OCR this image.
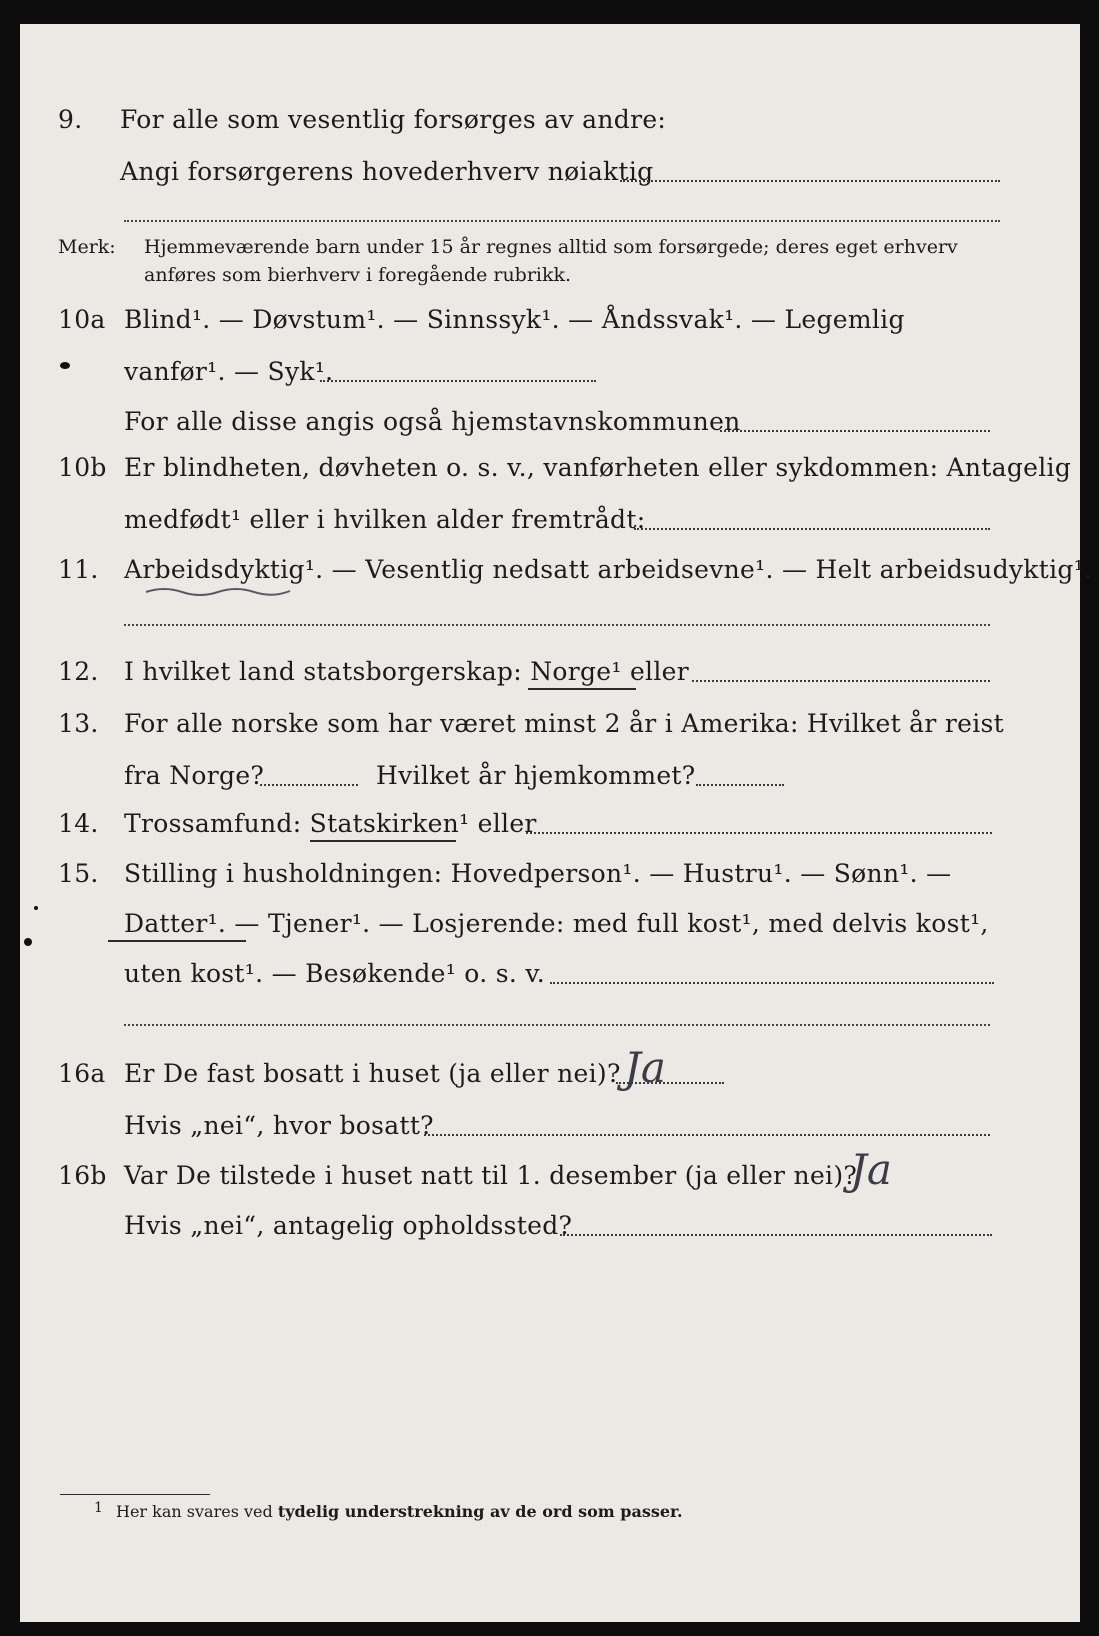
9. For alle som vesentlig forsørges av andre:
Angi forsørgerens hovederhverv nøiaktig
Merk: Hjemmeværende barn under 15 år regnes alltid som forsørgede; deres eget erhverv
anføres som bierhverv i foregående rubrikk.
10a Blind¹. — Døvstum¹. — Sinnssyk¹. — Åndssvak¹. — Legemlig
vanfør¹. — Syk¹.
For alle disse angis også hjemstavnskommunen
10b Er blindheten, døvheten o. s. v., vanførheten eller sykdommen: Antagelig
medfødt¹ eller i hvilken alder fremtrådt:
11. Arbeidsdyktig¹. — Vesentlig nedsatt arbeidsevne¹. — Helt arbeidsudyktig¹.
12. I hvilket land statsborgerskap: Norge¹ eller
13. For alle norske som har været minst 2 år i Amerika: Hvilket år reist
fra Norge?	Hvilket år hjemkommet?
14. Trossamfund: Statskirken¹ eller
15. Stilling i husholdningen: Hovedperson¹. — Hustru¹. — Sønn¹. —
Datter¹. — Tjener¹. — Losjerende: med full kost¹, med delvis kost¹,
uten kost¹. — Besøkende¹ o. s. v.
16a Er De fast bosatt i huset (ja eller nei)? Ja
Hvis „nei“, hvor bosatt?
16b Var De tilstede i huset natt til 1. desember (ja eller nei)?
Ja
Hvis „nei“, antagelig opholdssted?
1 Her kan svares ved tydelig understrekning av de ord som passer.
